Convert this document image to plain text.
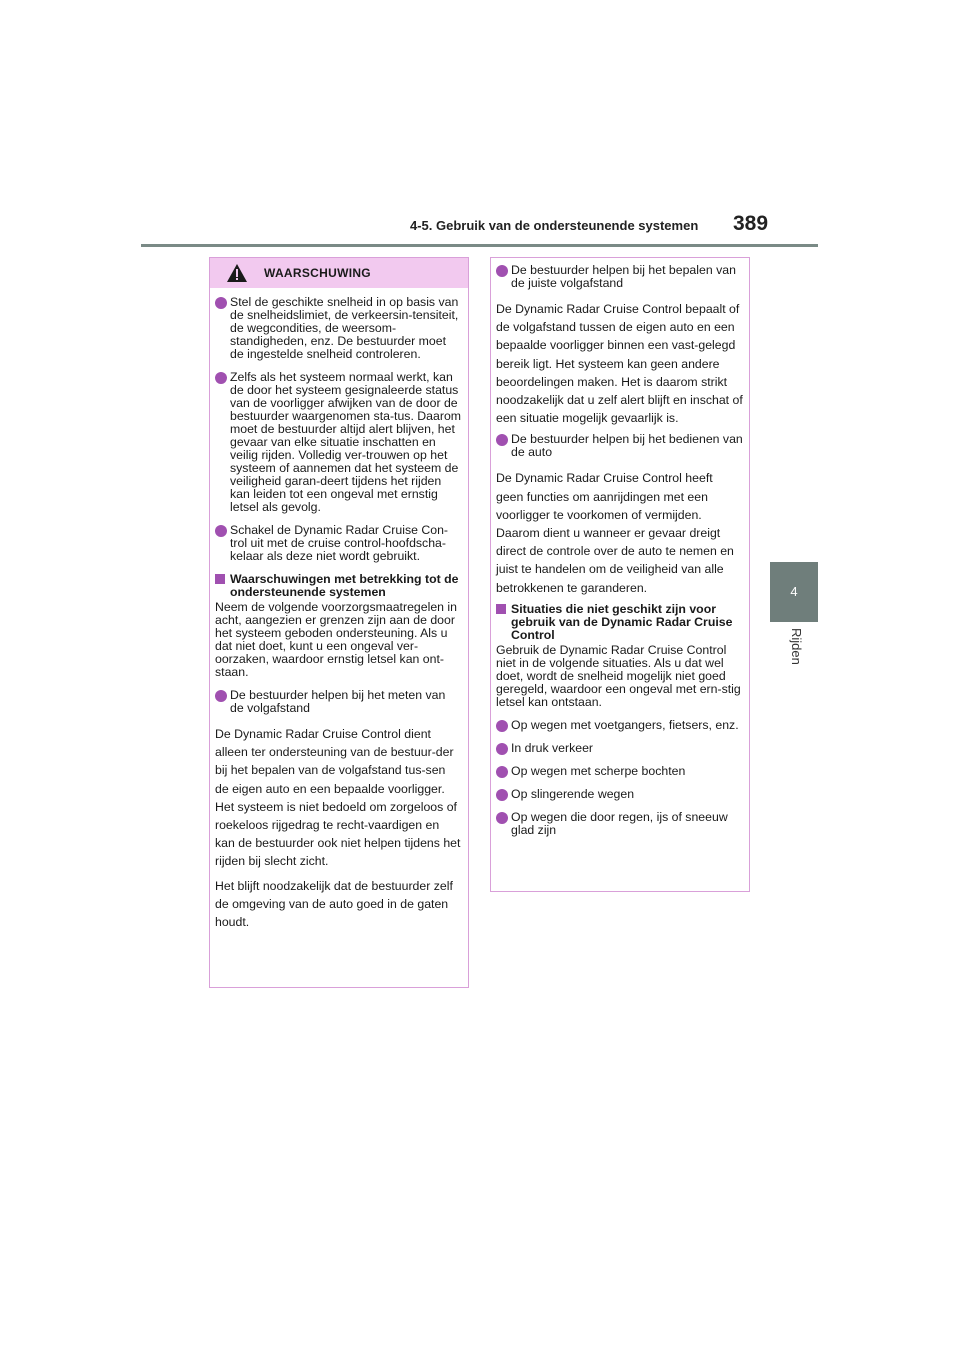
4-5. Gebruik van de ondersteunende systemen 389
4
Rijden
WAARSCHUWING
Stel de geschikte snelheid in op basis van de snelheidslimiet, de verkeersin-tensiteit, de wegcondities, de weersom-standigheden, enz. De bestuurder moet de ingestelde snelheid controleren.
Zelfs als het systeem normaal werkt, kan de door het systeem gesignaleerde status van de voorligger afwijken van de door de bestuurder waargenomen sta-tus. Daarom moet de bestuurder altijd alert blijven, het gevaar van elke situatie inschatten en veilig rijden. Volledig ver-trouwen op het systeem of aannemen dat het systeem de veiligheid garan-deert tijdens het rijden kan leiden tot een ongeval met ernstig letsel als gevolg.
Schakel de Dynamic Radar Cruise Con-trol uit met de cruise control-hoofdscha-kelaar als deze niet wordt gebruikt.
Waarschuwingen met betrekking tot de ondersteunende systemen

Neem de volgende voorzorgsmaatregelen in acht, aangezien er grenzen zijn aan de door het systeem geboden ondersteuning. Als u dat niet doet, kunt u een ongeval ver-oorzaken, waardoor ernstig letsel kan ont-staan.

De bestuurder helpen bij het meten van de volgafstand

De Dynamic Radar Cruise Control dient alleen ter ondersteuning van de bestuur-der bij het bepalen van de volgafstand tus-sen de eigen auto en een bepaalde voorligger. Het systeem is niet bedoeld om zorgeloos of roekeloos rijgedrag te recht-vaardigen en kan de bestuurder ook niet helpen tijdens het rijden bij slecht zicht.

Het blijft noodzakelijk dat de bestuurder zelf de omgeving van de auto goed in de gaten houdt.

De bestuurder helpen bij het bepalen van de juiste volgafstand

De Dynamic Radar Cruise Control bepaalt of de volgafstand tussen de eigen auto en een bepaalde voorligger binnen een vast-gelegd bereik ligt. Het systeem kan geen andere beoordelingen maken. Het is daarom strikt noodzakelijk dat u zelf alert blijft en inschat of een situatie mogelijk gevaarlijk is.

De bestuurder helpen bij het bedienen van de auto

De Dynamic Radar Cruise Control heeft geen functies om aanrijdingen met een voorligger te voorkomen of vermijden. Daarom dient u wanneer er gevaar dreigt direct de controle over de auto te nemen en juist te handelen om de veiligheid van alle betrokkenen te garanderen.

Situaties die niet geschikt zijn voor gebruik van de Dynamic Radar Cruise Control

Gebruik de Dynamic Radar Cruise Control niet in de volgende situaties. Als u dat wel doet, wordt de snelheid mogelijk niet goed geregeld, waardoor een ongeval met ern-stig letsel kan ontstaan.

Op wegen met voetgangers, fietsers, enz.
In druk verkeer
Op wegen met scherpe bochten
Op slingerende wegen
Op wegen die door regen, ijs of sneeuw glad zijn
